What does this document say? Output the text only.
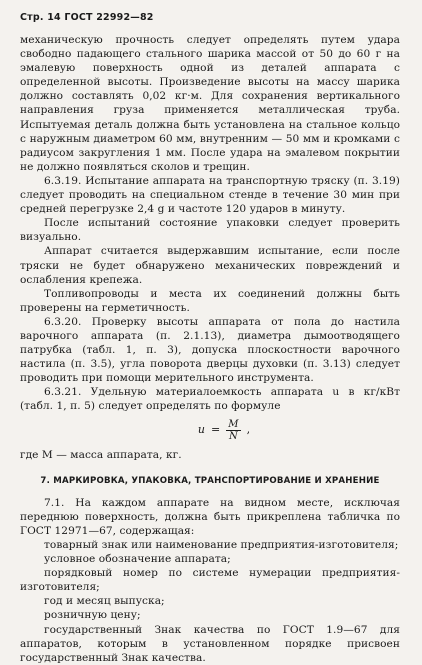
Стр. 14 ГОСТ 22992—82

механическую прочность следует определять путем удара свободно падающего стального шарика массой от 50 до 60 г на эмалевую поверхность одной из деталей аппарата с определенной высоты. Произведение высоты на массу шарика должно составлять 0,02 кг·м. Для сохранения вертикального направления груза применяется металлическая труба. Испытуемая деталь должна быть установлена на стальное кольцо с наружным диаметром 60 мм, внутренним — 50 мм и кромками с радиусом закругления 1 мм. После удара на эмалевом покрытии не должно появляться сколов и трещин.

6.3.19. Испытание аппарата на транспортную тряску (п. 3.19) следует проводить на специальном стенде в течение 30 мин при средней перегрузке 2,4 g и частоте 120 ударов в минуту.

После испытаний состояние упаковки следует проверить визуально.

Аппарат считается выдержавшим испытание, если после тряски не будет обнаружено механических повреждений и ослабления крепежа.

Топливопроводы и места их соединений должны быть проверены на герметичность.

6.3.20. Проверку высоты аппарата от пола до настила варочного аппарата (п. 2.1.13), диаметра дымоотводящего патрубка (табл. 1, п. 3), допуска плоскостности варочного настила (п. 3.5), угла поворота дверцы духовки (п. 3.13) следует проводить при помощи мерительного инструмента.

6.3.21. Удельную материалоемкость аппарата u в кг/кВт (табл. 1, п. 5) следует определять по формуле

$u = \frac{M}{N}$ ,

где M — масса аппарата, кг.

7. МАРКИРОВКА, УПАКОВКА, ТРАНСПОРТИРОВАНИЕ И ХРАНЕНИЕ

7.1. На каждом аппарате на видном месте, исключая переднюю поверхность, должна быть прикреплена табличка по ГОСТ 12971—67, содержащая:

товарный знак или наименование предприятия-изготовителя;

условное обозначение аппарата;

порядковый номер по системе нумерации предприятия-изготовителя;

год и месяц выпуска;

розничную цену;

государственный Знак качества по ГОСТ 1.9—67 для аппаратов, которым в установленном порядке присвоен государственный Знак качества.
